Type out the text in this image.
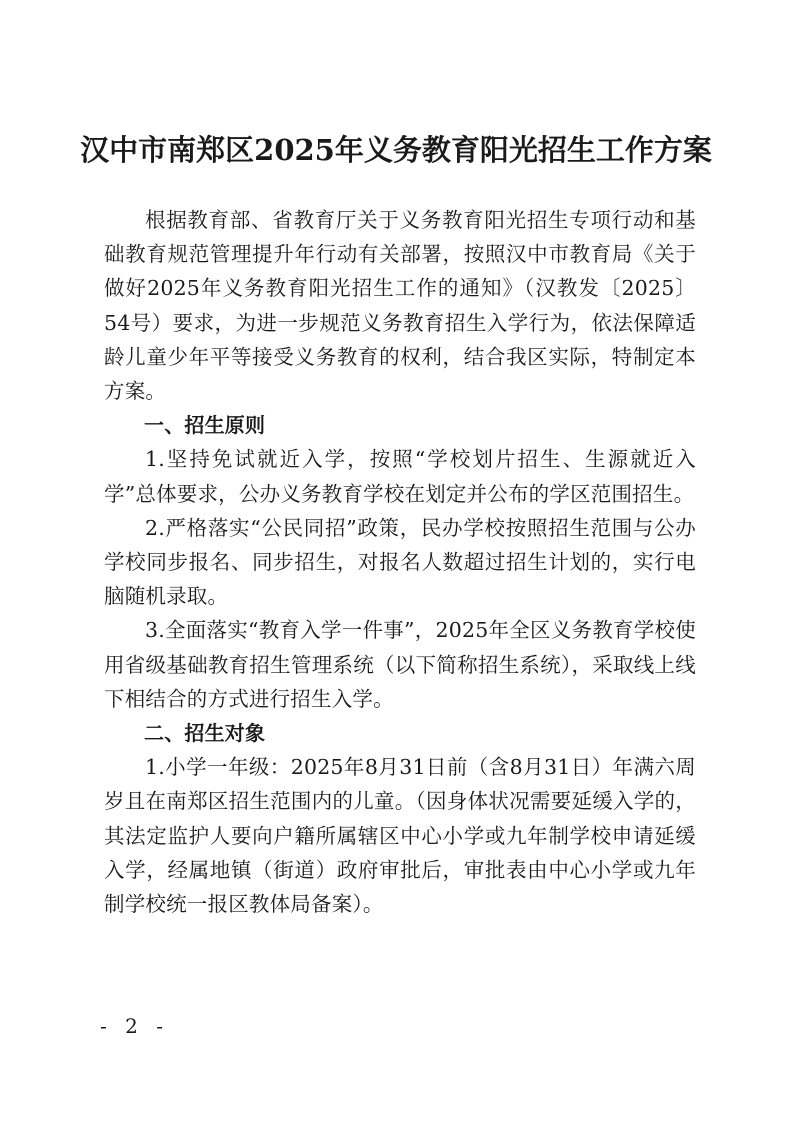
汉中市南郑区2025年义务教育阳光招生工作方案

根据教育部、省教育厅关于义务教育阳光招生专项行动和基础教育规范管理提升年行动有关部署，按照汉中市教育局《关于做好2025年义务教育阳光招生工作的通知》（汉教发〔2025〕54号）要求，为进一步规范义务教育招生入学行为，依法保障适龄儿童少年平等接受义务教育的权利，结合我区实际，特制定本方案。

一、招生原则

1.坚持免试就近入学，按照“学校划片招生、生源就近入学”总体要求，公办义务教育学校在划定并公布的学区范围招生。

2.严格落实“公民同招”政策，民办学校按照招生范围与公办学校同步报名、同步招生，对报名人数超过招生计划的，实行电脑随机录取。

3.全面落实“教育入学一件事”，2025年全区义务教育学校使用省级基础教育招生管理系统（以下简称招生系统），采取线上线下相结合的方式进行招生入学。

二、招生对象

1.小学一年级：2025年8月31日前（含8月31日）年满六周岁且在南郑区招生范围内的儿童。（因身体状况需要延缓入学的，其法定监护人要向户籍所属辖区中心小学或九年制学校申请延缓入学，经属地镇（街道）政府审批后，审批表由中心小学或九年制学校统一报区教体局备案）。

- 2 -
